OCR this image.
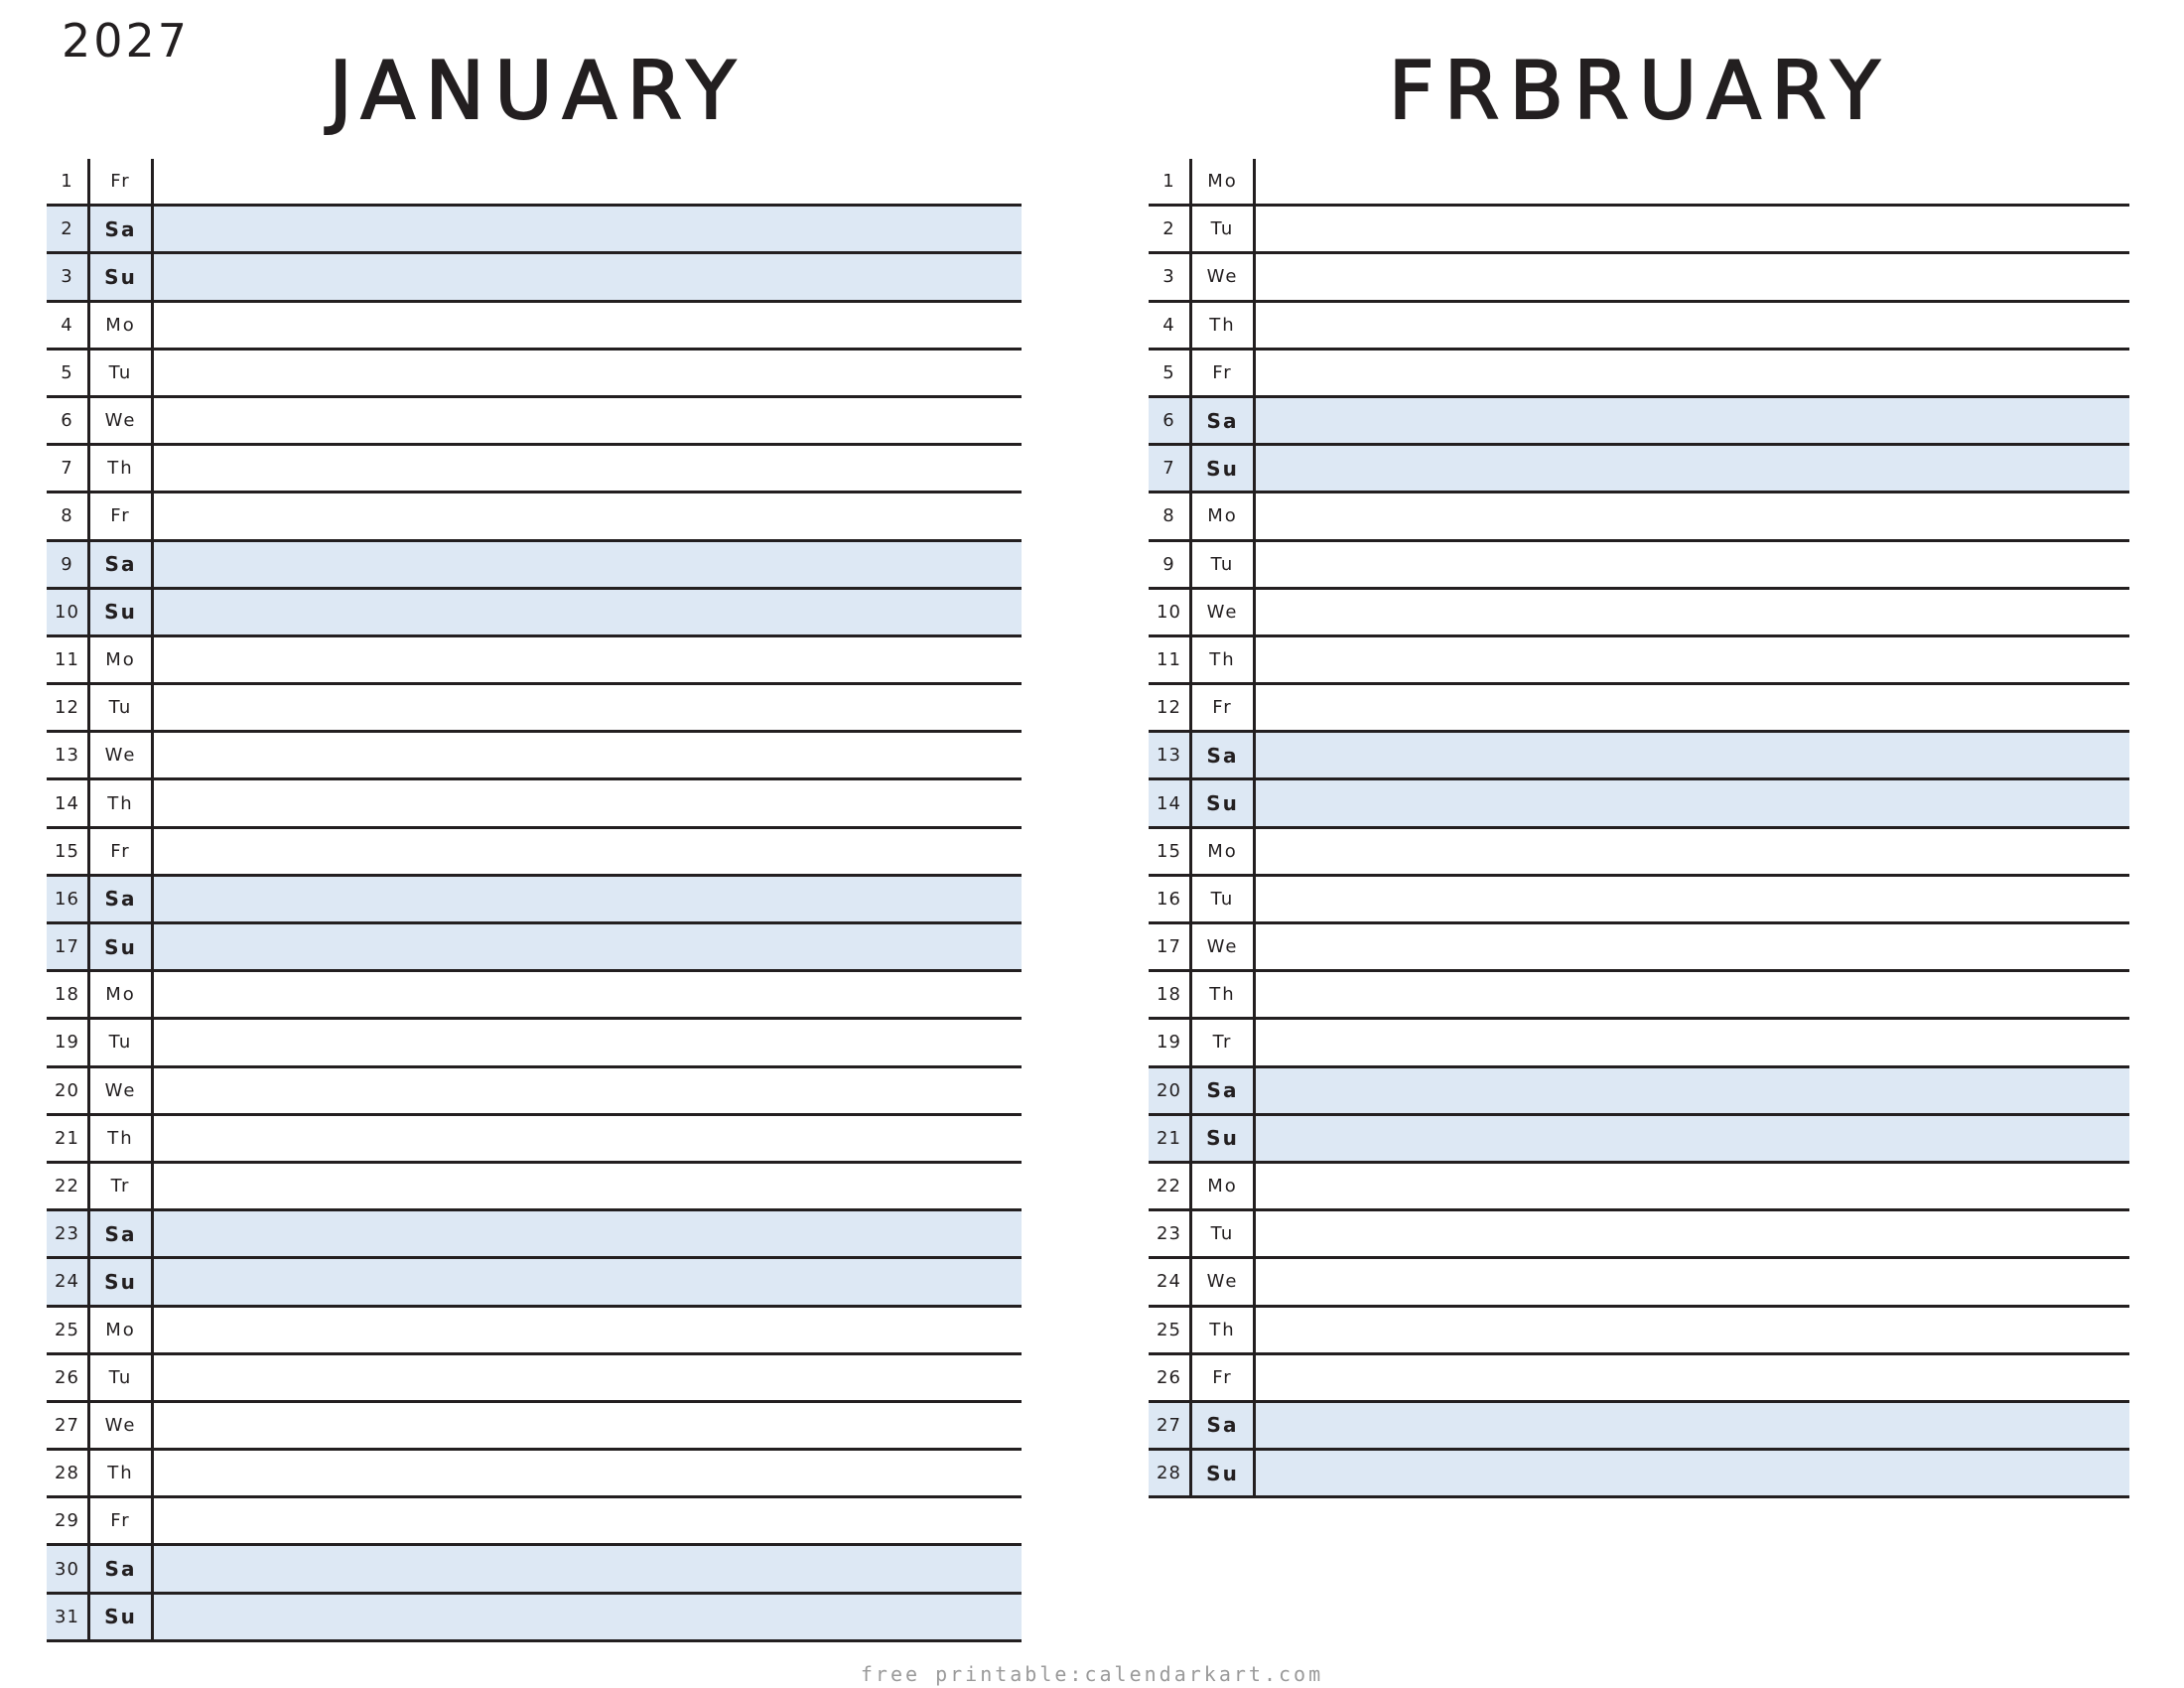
2027
JANUARY	FRBRUARY
1	Fr
2	Sa
3	Su
4	Mo
5	Tu
6	We
7	Th
8	Fr
9	Sa
10	Su
11	Mo
12	Tu
13	We
14	Th
15	Fr
16	Sa
17	Su
18	Mo
19	Tu
20	We
21	Th
22	Tr
23	Sa
24	Su
25	Mo
26	Tu
27	We
28	Th
29	Fr
30	Sa
31	Su
1	Mo
2	Tu
3	We
4	Th
5	Fr
6	Sa
7	Su
8	Mo
9	Tu
10	We
11	Th
12	Fr
13	Sa
14	Su
15	Mo
16	Tu
17	We
18	Th
19	Tr
20	Sa
21	Su
22	Mo
23	Tu
24	We
25	Th
26	Fr
27	Sa
28	Su
free printable:calendarkart.com
